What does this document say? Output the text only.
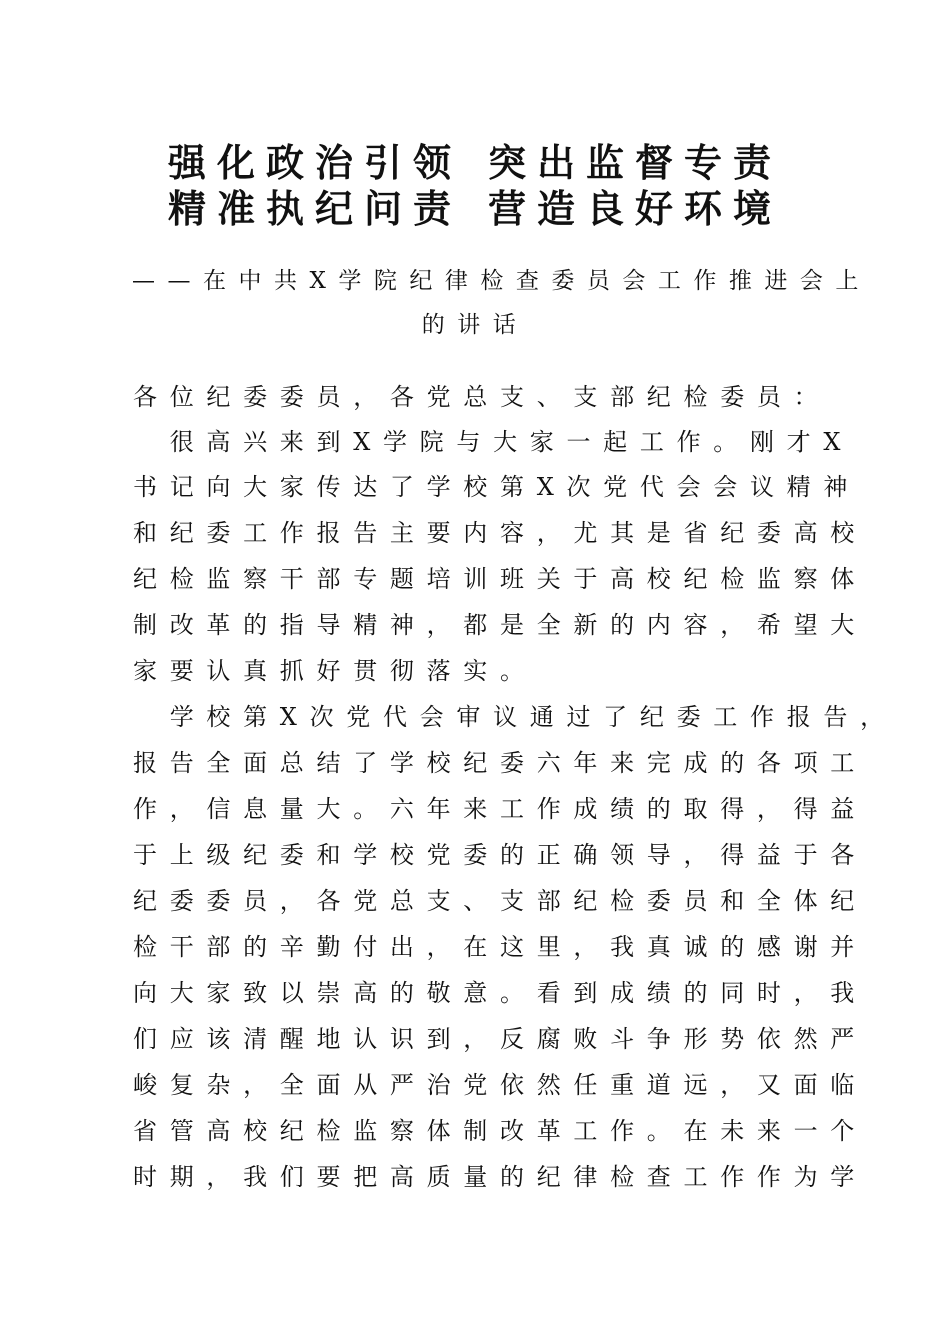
强化政治引领 突出监督专责
精准执纪问责 营造良好环境
——在中共X学院纪律检查委员会工作推进会上
的讲话
各位纪委委员，各党总支、支部纪检委员：
　很高兴来到X学院与大家一起工作。刚才X
书记向大家传达了学校第X次党代会会议精神
和纪委工作报告主要内容，尤其是省纪委高校
纪检监察干部专题培训班关于高校纪检监察体
制改革的指导精神，都是全新的内容，希望大
家要认真抓好贯彻落实。
　学校第X次党代会审议通过了纪委工作报告，
报告全面总结了学校纪委六年来完成的各项工
作，信息量大。六年来工作成绩的取得，得益
于上级纪委和学校党委的正确领导，得益于各
纪委委员，各党总支、支部纪检委员和全体纪
检干部的辛勤付出，在这里，我真诚的感谢并
向大家致以崇高的敬意。看到成绩的同时，我
们应该清醒地认识到，反腐败斗争形势依然严
峻复杂，全面从严治党依然任重道远，又面临
省管高校纪检监察体制改革工作。在未来一个
时期，我们要把高质量的纪律检查工作作为学
